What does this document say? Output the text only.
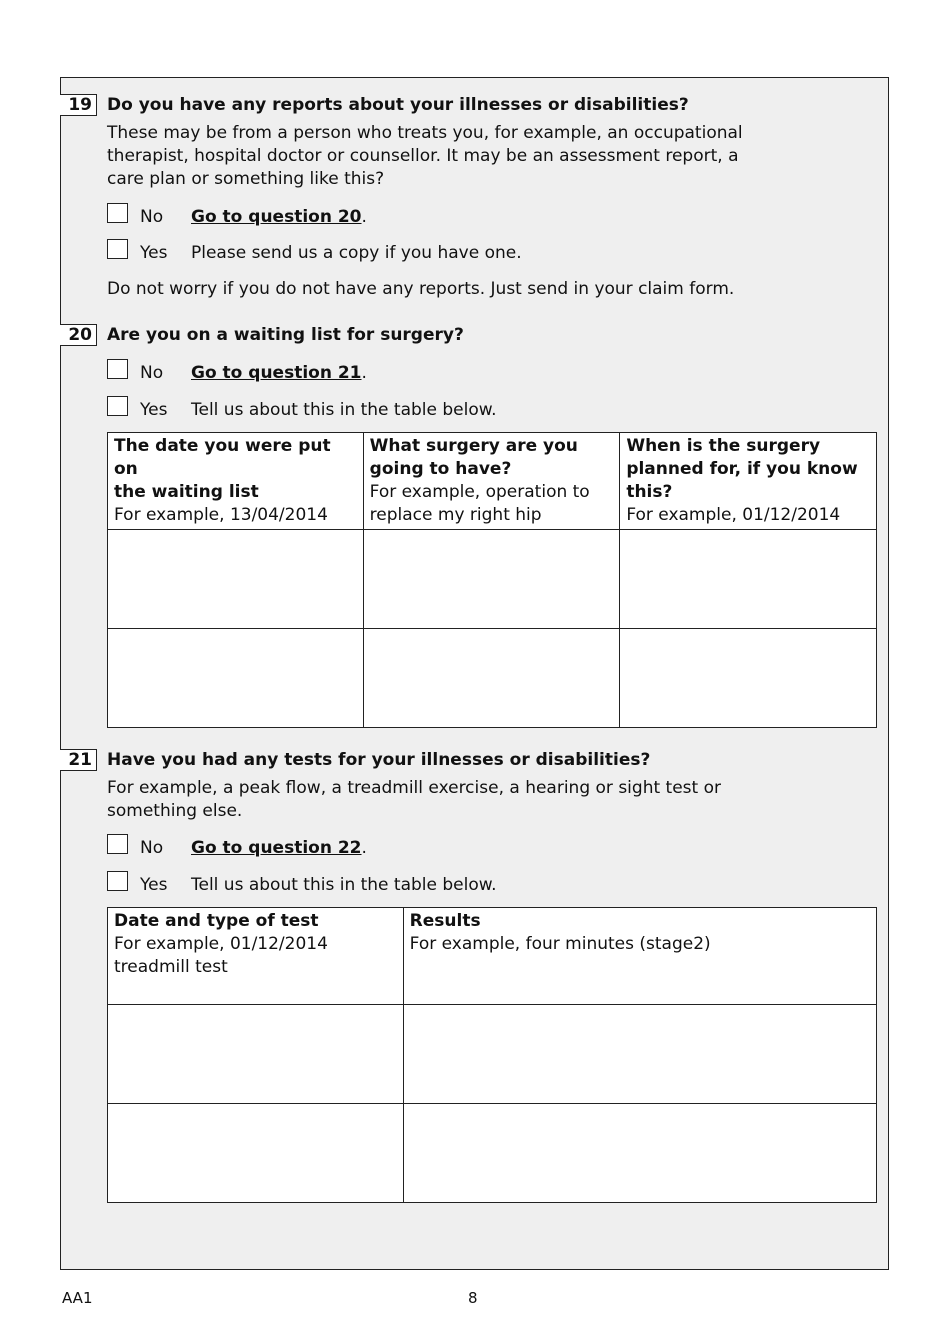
19 Do you have any reports about your illnesses or disabilities?
These may be from a person who treats you, for example, an occupational
therapist, hospital doctor or counsellor. It may be an assessment report, a
care plan or something like this?
No Go to question 20.
Yes Please send us a copy if you have one.
Do not worry if you do not have any reports. Just send in your claim form.
20 Are you on a waiting list for surgery?
No Go to question 21.
Yes Tell us about this in the table below.
The date you were put on
the waiting list
For example, 13/04/2014	What surgery are you
going to have?
For example, operation to
replace my right hip	When is the surgery
planned for, if you know
this?
For example, 01/12/2014

21 Have you had any tests for your illnesses or disabilities?
For example, a peak flow, a treadmill exercise, a hearing or sight test or
something else.
No Go to question 22.
Yes Tell us about this in the table below.
Date and type of test
For example, 01/12/2014
treadmill test	Results
For example, four minutes (stage2)

AA1	8
